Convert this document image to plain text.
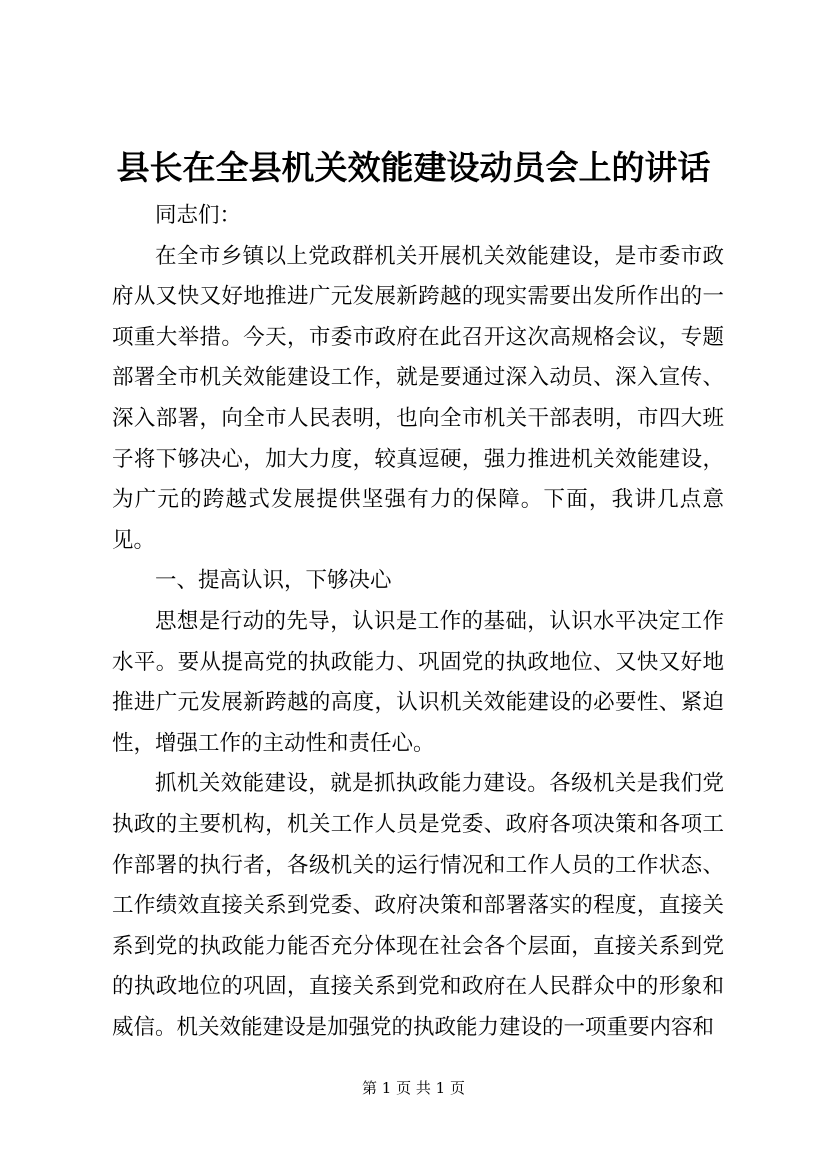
县长在全县机关效能建设动员会上的讲话

同志们：

在全市乡镇以上党政群机关开展机关效能建设，是市委市政府从又快又好地推进广元发展新跨越的现实需要出发所作出的一项重大举措。今天，市委市政府在此召开这次高规格会议，专题部署全市机关效能建设工作，就是要通过深入动员、深入宣传、深入部署，向全市人民表明，也向全市机关干部表明，市四大班子将下够决心，加大力度，较真逗硬，强力推进机关效能建设，为广元的跨越式发展提供坚强有力的保障。下面，我讲几点意见。

一、提高认识，下够决心

思想是行动的先导，认识是工作的基础，认识水平决定工作水平。要从提高党的执政能力、巩固党的执政地位、又快又好地推进广元发展新跨越的高度，认识机关效能建设的必要性、紧迫性，增强工作的主动性和责任心。

抓机关效能建设，就是抓执政能力建设。各级机关是我们党执政的主要机构，机关工作人员是党委、政府各项决策和各项工作部署的执行者，各级机关的运行情况和工作人员的工作状态、工作绩效直接关系到党委、政府决策和部署落实的程度，直接关系到党的执政能力能否充分体现在社会各个层面，直接关系到党的执政地位的巩固，直接关系到党和政府在人民群众中的形象和威信。机关效能建设是加强党的执政能力建设的一项重要内容和

第 1 页 共 1 页
